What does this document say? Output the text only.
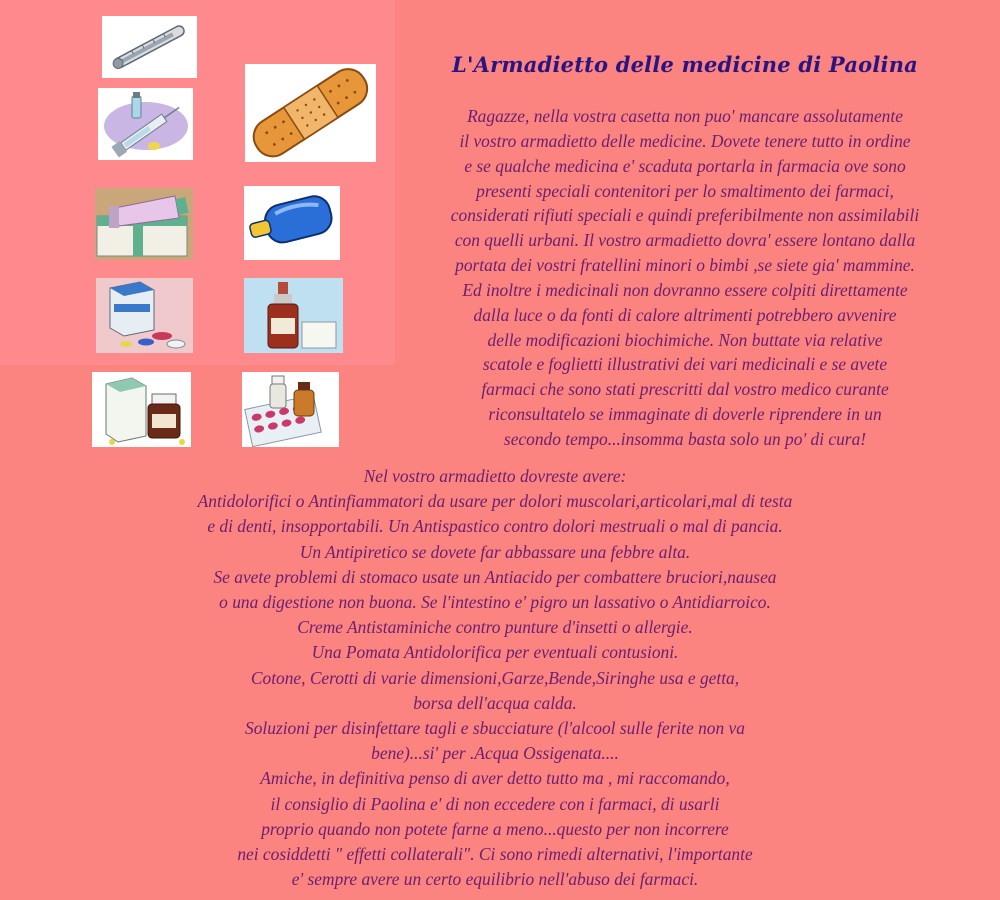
L'Armadietto delle medicine di Paolina
Ragazze, nella vostra casetta non puo' mancare assolutamente
il vostro armadietto delle medicine. Dovete tenere tutto in ordine
e se qualche medicina e' scaduta portarla in farmacia ove sono
presenti speciali contenitori per lo smaltimento dei farmaci,
considerati rifiuti speciali e quindi preferibilmente non assimilabili
con quelli urbani. Il vostro armadietto dovra' essere lontano dalla
portata dei vostri fratellini minori o bimbi ,se siete gia' mammine.
Ed inoltre i medicinali non dovranno essere colpiti direttamente
dalla luce o da fonti di calore altrimenti potrebbero avvenire
delle modificazioni biochimiche. Non buttate via relative
scatole e foglietti illustrativi dei vari medicinali e se avete
farmaci che sono stati prescritti dal vostro medico curante
riconsultatelo se immaginate di doverle riprendere in un
secondo tempo...insomma basta solo un po' di cura!
Nel vostro armadietto dovreste avere:
Antidolorifici o Antinfiammatori da usare per dolori muscolari,articolari,mal di testa
e di denti, insopportabili. Un Antispastico contro dolori mestruali o mal di pancia.
Un Antipiretico se dovete far abbassare una febbre alta.
Se avete problemi di stomaco usate un Antiacido per combattere bruciori,nausea
o una digestione non buona. Se l'intestino e' pigro un lassativo o Antidiarroico.
Creme Antistaminiche contro punture d'insetti o allergie.
Una Pomata Antidolorifica per eventuali contusioni.
Cotone, Cerotti di varie dimensioni,Garze,Bende,Siringhe usa e getta,
borsa dell'acqua calda.
Soluzioni per disinfettare tagli e sbucciature (l'alcool sulle ferite non va
bene)...si' per .Acqua Ossigenata....
Amiche, in definitiva penso di aver detto tutto ma , mi raccomando,
il consiglio di Paolina e' di non eccedere con i farmaci, di usarli
proprio quando non potete farne a meno...questo per non incorrere
nei cosiddetti " effetti collaterali". Ci sono rimedi alternativi, l'importante
e' sempre avere un certo equilibrio nell'abuso dei farmaci.
